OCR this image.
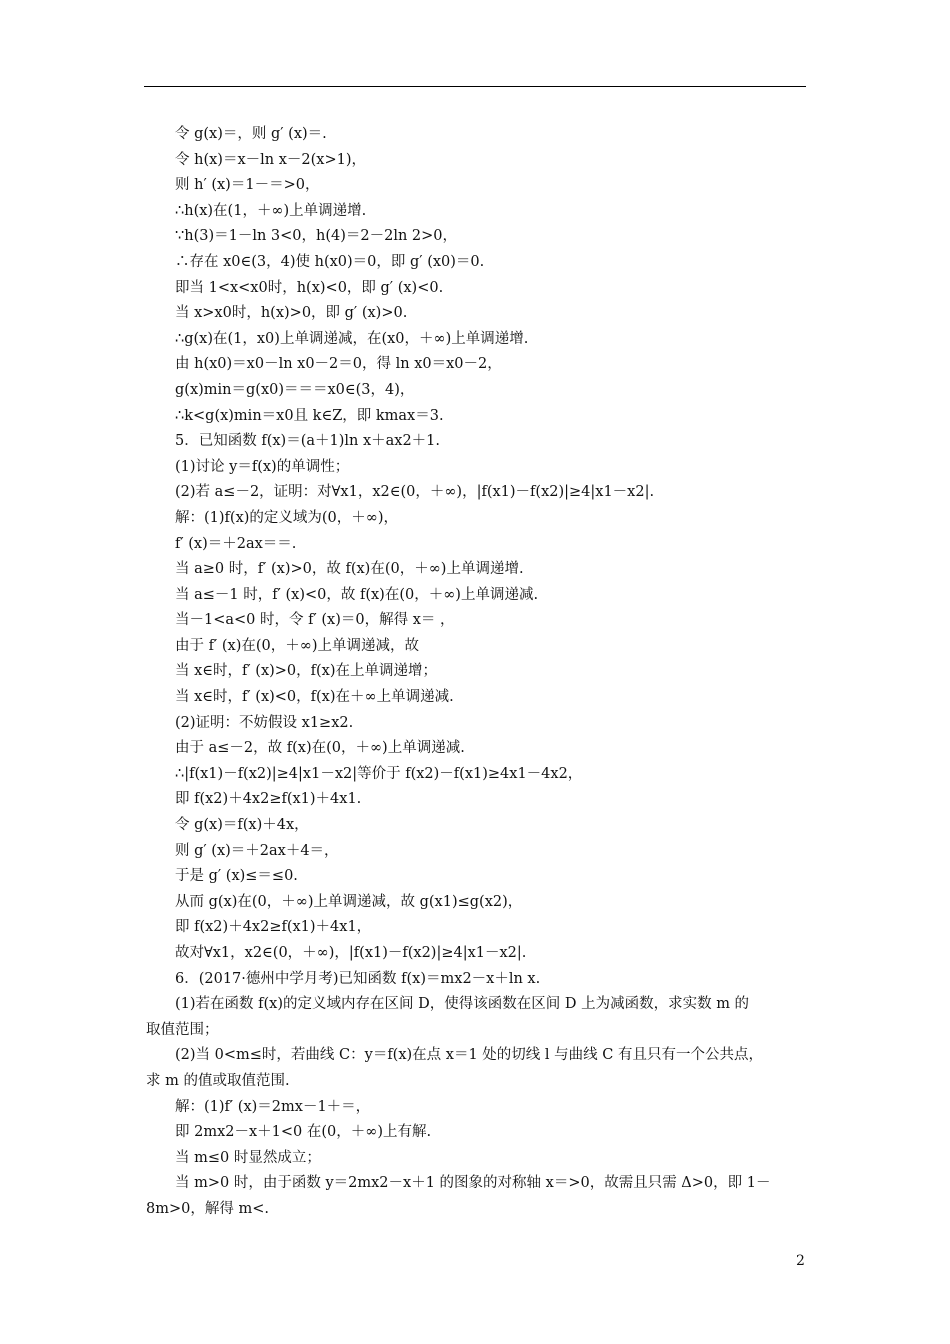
令 g(x)＝，则 g′ (x)＝.
令 h(x)＝x－ln x－2(x>1)，
则 h′ (x)＝1－＝>0，
∴h(x)在(1，＋∞)上单调递增.
∵h(3)＝1－ln 3<0，h(4)＝2－2ln 2>0，
∴存在 x0∈(3，4)使 h(x0)＝0，即 g′ (x0)＝0.
即当 1<x<x0时，h(x)<0，即 g′ (x)<0.
当 x>x0时，h(x)>0，即 g′ (x)>0.
∴g(x)在(1，x0)上单调递减，在(x0，＋∞)上单调递增.
由 h(x0)＝x0－ln x0－2＝0，得 ln x0＝x0－2，
g(x)min＝g(x0)＝＝＝x0∈(3，4)，
∴k<g(x)min＝x0且 k∈Z，即 kmax＝3.
5．已知函数 f(x)＝(a＋1)ln x＋ax2＋1.
(1)讨论 y＝f(x)的单调性；
(2)若 a≤－2，证明：对∀x1，x2∈(0，＋∞)，|f(x1)－f(x2)|≥4|x1－x2|.
解：(1)f(x)的定义域为(0，＋∞)，
f′ (x)＝＋2ax＝＝.
当 a≥0 时，f′ (x)>0，故 f(x)在(0，＋∞)上单调递增.
当 a≤－1 时，f′ (x)<0，故 f(x)在(0，＋∞)上单调递减.
当－1<a<0 时，令 f′ (x)＝0，解得 x＝ ，
由于 f′ (x)在(0，＋∞)上单调递减，故
当 x∈时，f′ (x)>0，f(x)在上单调递增；
当 x∈时，f′ (x)<0，f(x)在＋∞上单调递减.
(2)证明：不妨假设 x1≥x2.
由于 a≤－2，故 f(x)在(0，＋∞)上单调递减.
∴|f(x1)－f(x2)|≥4|x1－x2|等价于 f(x2)－f(x1)≥4x1－4x2，
即 f(x2)＋4x2≥f(x1)＋4x1.
令 g(x)＝f(x)＋4x，
则 g′ (x)＝＋2ax＋4＝，
于是 g′ (x)≤＝≤0.
从而 g(x)在(0，＋∞)上单调递减，故 g(x1)≤g(x2)，
即 f(x2)＋4x2≥f(x1)＋4x1，
故对∀x1，x2∈(0，＋∞)，|f(x1)－f(x2)|≥4|x1－x2|.
6．(2017·德州中学月考)已知函数 f(x)＝mx2－x＋ln x.
(1)若在函数 f(x)的定义域内存在区间 D，使得该函数在区间 D 上为减函数，求实数 m 的
取值范围；
(2)当 0<m≤时，若曲线 C：y＝f(x)在点 x＝1 处的切线 l 与曲线 C 有且只有一个公共点，
求 m 的值或取值范围.
解：(1)f′ (x)＝2mx－1＋＝，
即 2mx2－x＋1<0 在(0，＋∞)上有解.
当 m≤0 时显然成立；
当 m>0 时，由于函数 y＝2mx2－x＋1 的图象的对称轴 x＝>0，故需且只需 Δ>0，即 1－
8m>0，解得 m<.
2
